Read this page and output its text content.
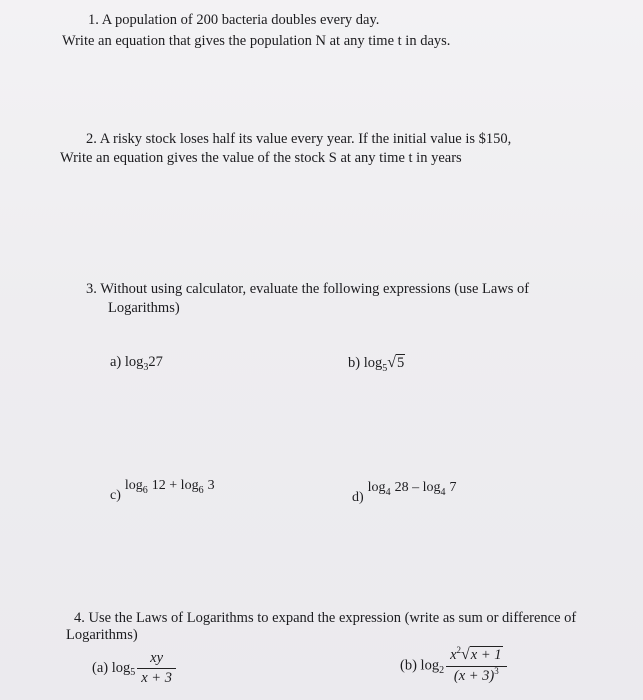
1. A population of 200 bacteria doubles every day.
Write an equation that gives the population N at any time t in days.
2. A risky stock loses half its value every year. If the initial value is $150,
Write an equation gives the value of the stock S at any time t in years
3. Without using calculator, evaluate the following expressions (use Laws of
Logarithms)
a) $\log_327$	b) $\log_5√5$
c) $\log_6 12 + \log_6 3$
d) $\log_4 28 - \log_4 7$
4. Use the Laws of Logarithms to expand the expression (write as sum or difference of
Logarithms)
(a) $\log_5 \frac{xy}{x + 3}$	(b) $\log_2 \frac{x^2√x + 1}{(x + 3)^3}$
